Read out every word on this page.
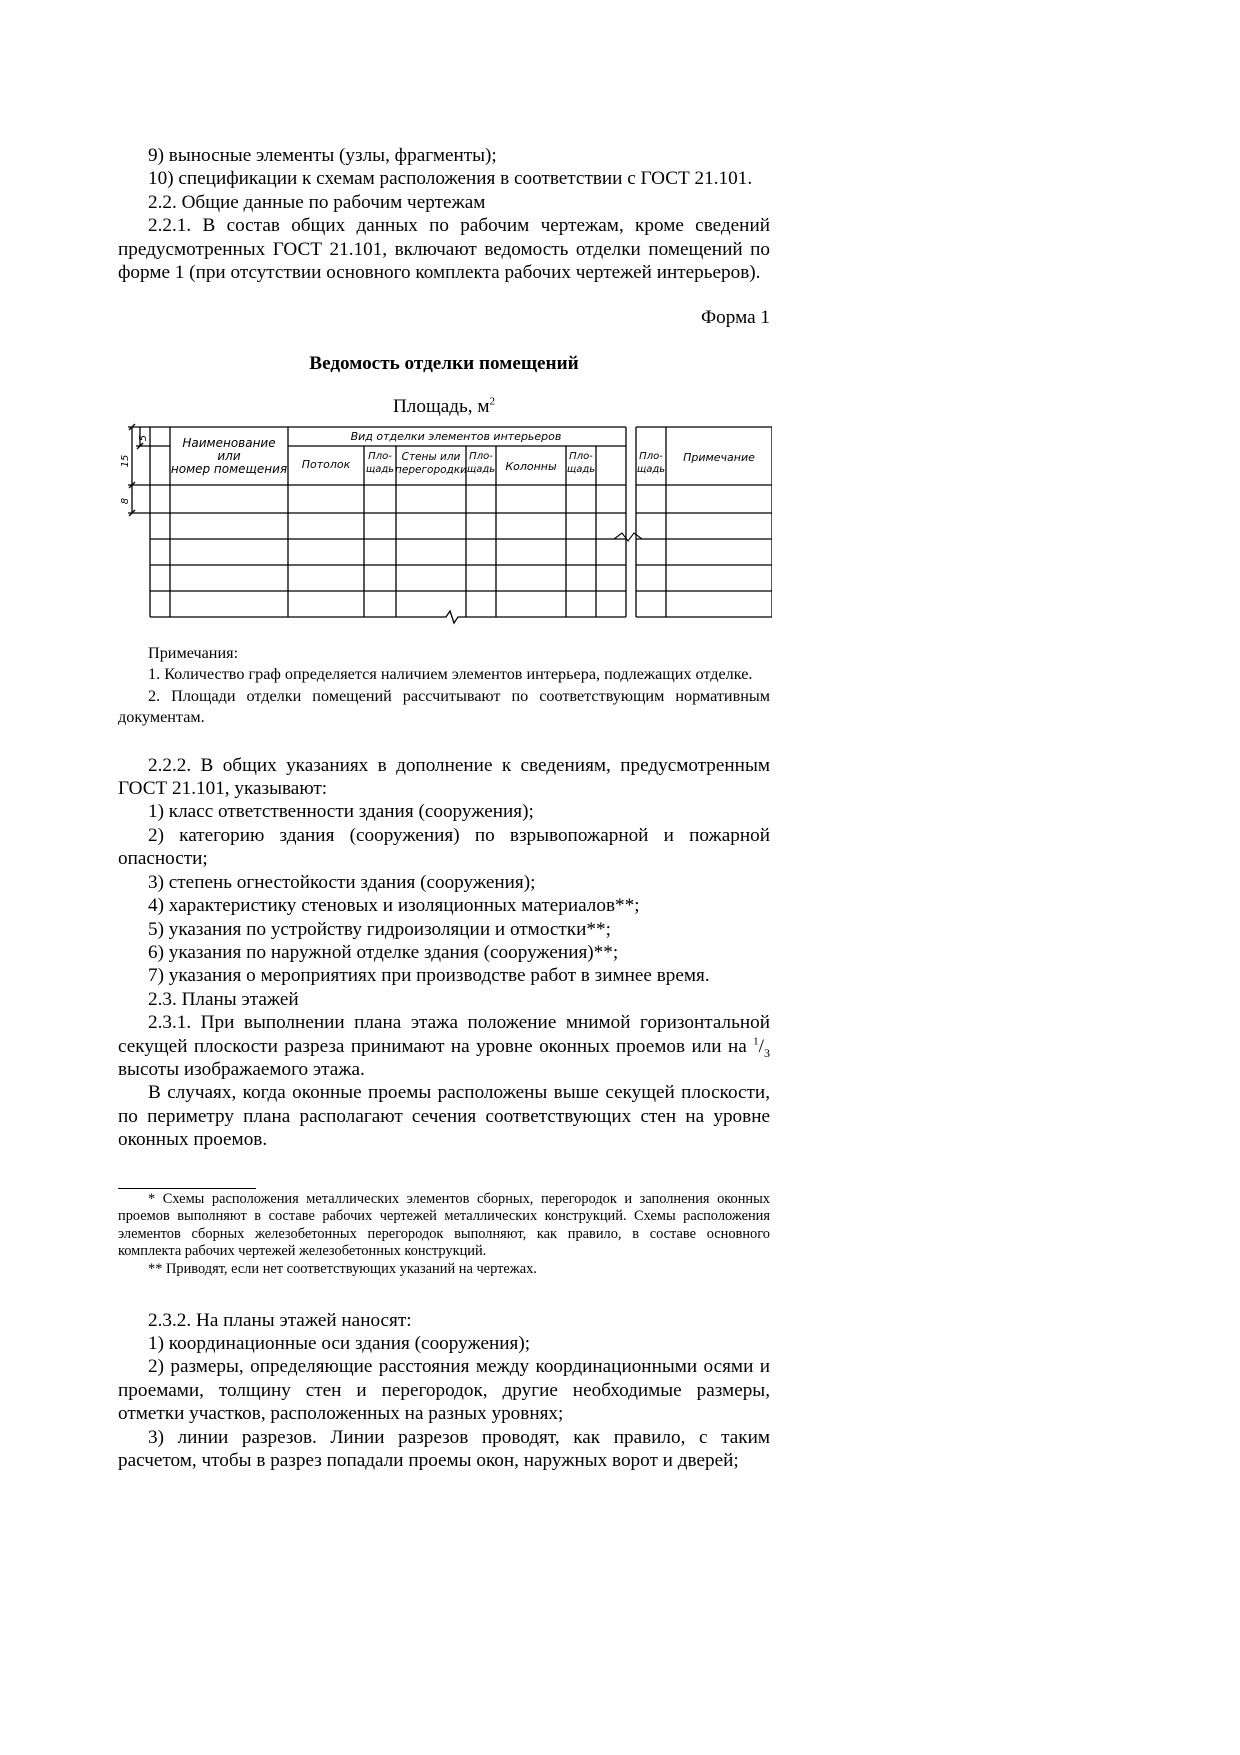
9) выносные элементы (узлы, фрагменты);

10) спецификации к схемам расположения в соответствии с ГОСТ 21.101.

2.2. Общие данные по рабочим чертежам

2.2.1. В состав общих данных по рабочим чертежам, кроме сведений предусмотренных ГОСТ 21.101, включают ведомость отделки помещений по форме 1 (при отсутствии основного комплекта рабочих чертежей интерьеров).

Форма 1

Ведомость отделки помещений

Площадь, $м^2$

Наименование
или
номер помещения
Вид отделки элементов интерьеров
Потолок
Пло-
щадь
Стены или
перегородки
Пло-
щадь Колонны
Пло-
щадь
Пло-
щадь
Примечание
5
15
8

Примечания:

1. Количество граф определяется наличием элементов интерьера, подлежащих отделке.

2. Площади отделки помещений рассчитывают по соответствующим нормативным документам.

2.2.2. В общих указаниях в дополнение к сведениям, предусмотренным ГОСТ 21.101, указывают:

1) класс ответственности здания (сооружения);

2) категорию здания (сооружения) по взрывопожарной и пожарной опасности;

3) степень огнестойкости здания (сооружения);

4) характеристику стеновых и изоляционных материалов**;

5) указания по устройству гидроизоляции и отмостки**;

6) указания по наружной отделке здания (сооружения)**;

7) указания о мероприятиях при производстве работ в зимнее время.

2.3. Планы этажей

2.3.1. При выполнении плана этажа положение мнимой горизонтальной секущей плоскости разреза принимают на уровне оконных проемов или на $^1/_3$ высоты изображаемого этажа.

В случаях, когда оконные проемы расположены выше секущей плоскости, по периметру плана располагают сечения соответствующих стен на уровне оконных проемов.

* Схемы расположения металлических элементов сборных, перегородок и заполнения оконных проемов выполняют в составе рабочих чертежей металлических конструкций. Схемы расположения элементов сборных железобетонных перегородок выполняют, как правило, в составе основного комплекта рабочих чертежей железобетонных конструкций.

** Приводят, если нет соответствующих указаний на чертежах.

2.3.2. На планы этажей наносят:

1) координационные оси здания (сооружения);

2) размеры, определяющие расстояния между координационными осями и проемами, толщину стен и перегородок, другие необходимые размеры, отметки участков, расположенных на разных уровнях;

3) линии разрезов. Линии разрезов проводят, как правило, с таким расчетом, чтобы в разрез попадали проемы окон, наружных ворот и дверей;
